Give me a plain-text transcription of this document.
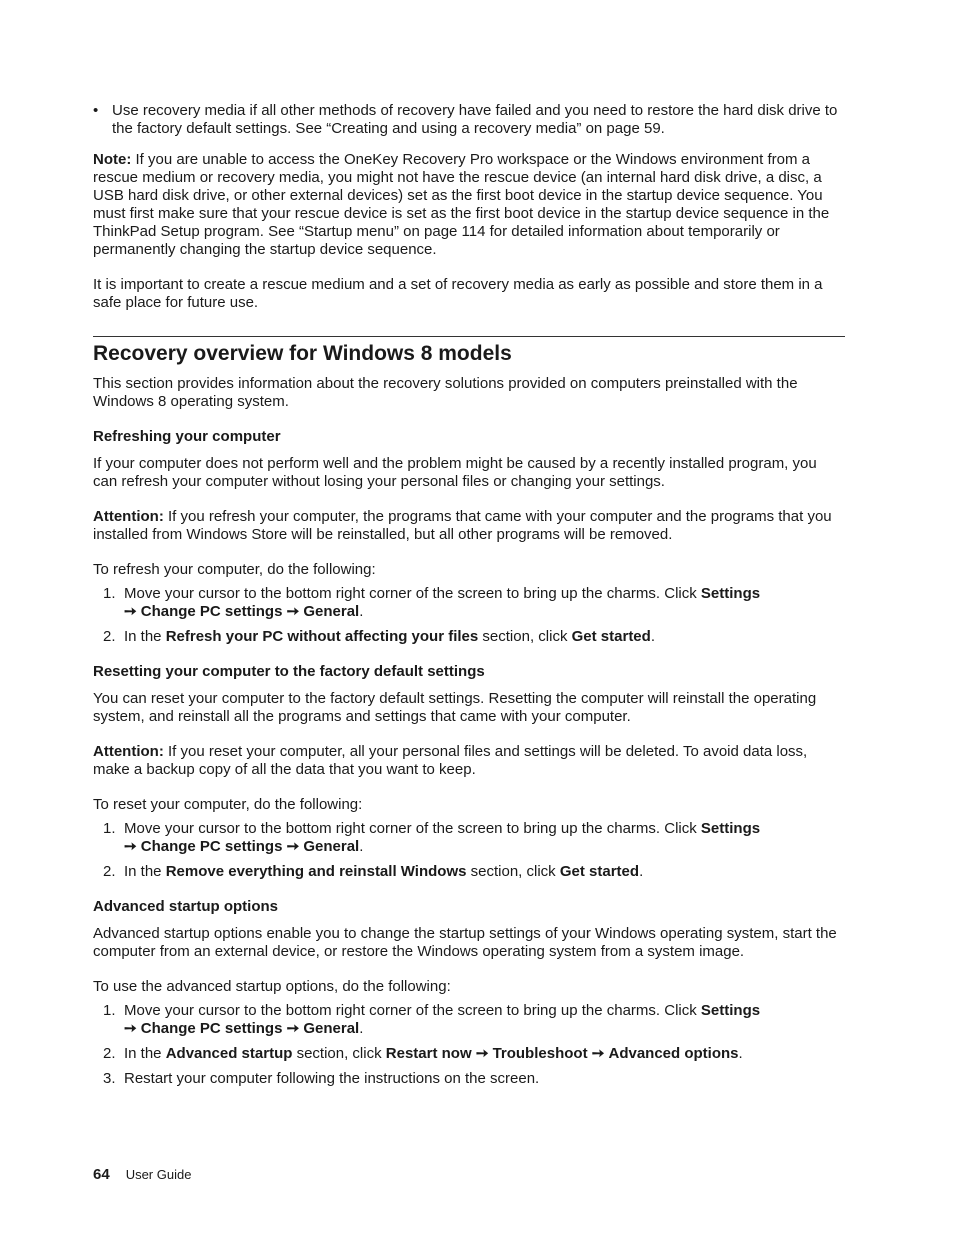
• Use recovery media if all other methods of recovery have failed and you need to restore the hard disk drive to the factory default settings. See “Creating and using a recovery media” on page 59.

Note: If you are unable to access the OneKey Recovery Pro workspace or the Windows environment from a rescue medium or recovery media, you might not have the rescue device (an internal hard disk drive, a disc, a USB hard disk drive, or other external devices) set as the first boot device in the startup device sequence. You must first make sure that your rescue device is set as the first boot device in the startup device sequence in the ThinkPad Setup program. See “Startup menu” on page 114 for detailed information about temporarily or permanently changing the startup device sequence.

It is important to create a rescue medium and a set of recovery media as early as possible and store them in a safe place for future use.

Recovery overview for Windows 8 models

This section provides information about the recovery solutions provided on computers preinstalled with the Windows 8 operating system.

Refreshing your computer

If your computer does not perform well and the problem might be caused by a recently installed program, you can refresh your computer without losing your personal files or changing your settings.

Attention: If you refresh your computer, the programs that came with your computer and the programs that you installed from Windows Store will be reinstalled, but all other programs will be removed.

To refresh your computer, do the following:

1. Move your cursor to the bottom right corner of the screen to bring up the charms. Click Settings
➙ Change PC settings ➙ General.
2. In the Refresh your PC without affecting your files section, click Get started.
Resetting your computer to the factory default settings

You can reset your computer to the factory default settings. Resetting the computer will reinstall the operating system, and reinstall all the programs and settings that came with your computer.

Attention: If you reset your computer, all your personal files and settings will be deleted. To avoid data loss, make a backup copy of all the data that you want to keep.

To reset your computer, do the following:

1. Move your cursor to the bottom right corner of the screen to bring up the charms. Click Settings
➙ Change PC settings ➙ General.
2. In the Remove everything and reinstall Windows section, click Get started.
Advanced startup options

Advanced startup options enable you to change the startup settings of your Windows operating system, start the computer from an external device, or restore the Windows operating system from a system image.

To use the advanced startup options, do the following:

1. Move your cursor to the bottom right corner of the screen to bring up the charms. Click Settings
➙ Change PC settings ➙ General.
2. In the Advanced startup section, click Restart now ➙ Troubleshoot ➙ Advanced options.
3. Restart your computer following the instructions on the screen.
64 User Guide
